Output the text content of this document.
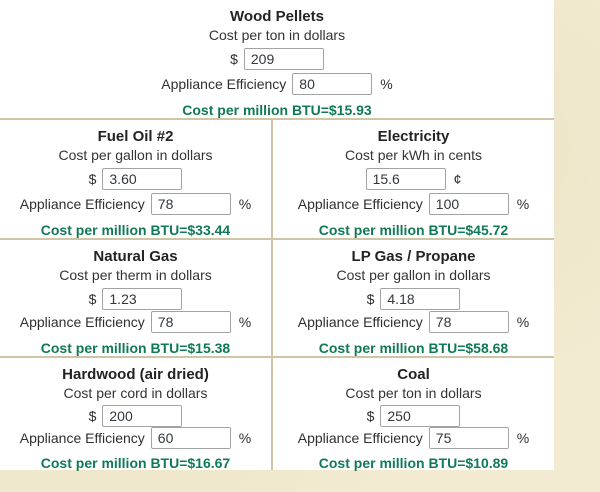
Wood Pellets
Cost per ton in dollars
$
209
Appliance Efficiency
80	%
Cost per million BTU=$15.93
Fuel Oil #2
Cost per gallon in dollars
$
3.60
Appliance Efficiency
78	%
Cost per million BTU=$33.44
Electricity
Cost per kWh in cents
15.6
¢
Appliance Efficiency
100	%
Cost per million BTU=$45.72
Natural Gas
Cost per therm in dollars
$
1.23
Appliance Efficiency
78	%
Cost per million BTU=$15.38
LP Gas / Propane
Cost per gallon in dollars
$
4.18
Appliance Efficiency
78	%
Cost per million BTU=$58.68
Hardwood (air dried)
Cost per cord in dollars
$
200
Appliance Efficiency
60	%
Cost per million BTU=$16.67
Coal
Cost per ton in dollars
$
250
Appliance Efficiency
75	%
Cost per million BTU=$10.89
